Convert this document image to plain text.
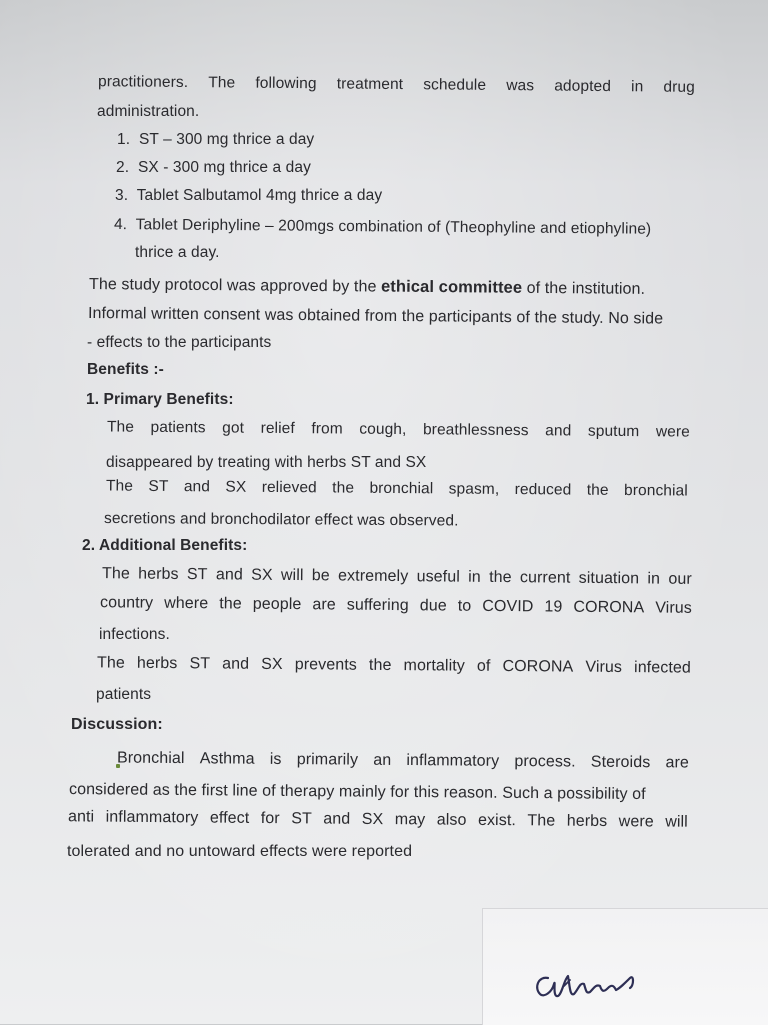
practitioners. The following treatment schedule was adopted in drug
administration.
1. ST – 300 mg thrice a day
2. SX - 300 mg thrice a day
3. Tablet Salbutamol 4mg thrice a day
4. Tablet Deriphyline – 200mgs combination of (Theophyline and etiophyline)
thrice a day.
The study protocol was approved by the ethical committee of the institution.
Informal written consent was obtained from the participants of the study. No side
- effects to the participants
Benefits :-
1. Primary Benefits:
The patients got relief from cough, breathlessness and sputum were
disappeared by treating with herbs ST and SX
The ST and SX relieved the bronchial spasm, reduced the bronchial
secretions and bronchodilator effect was observed.
2. Additional Benefits:
The herbs ST and SX will be extremely useful in the current situation in our
country where the people are suffering due to COVID 19 CORONA Virus
infections.
The herbs ST and SX prevents the mortality of CORONA Virus infected
patients
Discussion:
Bronchial Asthma is primarily an inflammatory process. Steroids are
considered as the first line of therapy mainly for this reason. Such a possibility of
anti inflammatory effect for ST and SX may also exist. The herbs were will
tolerated and no untoward effects were reported
